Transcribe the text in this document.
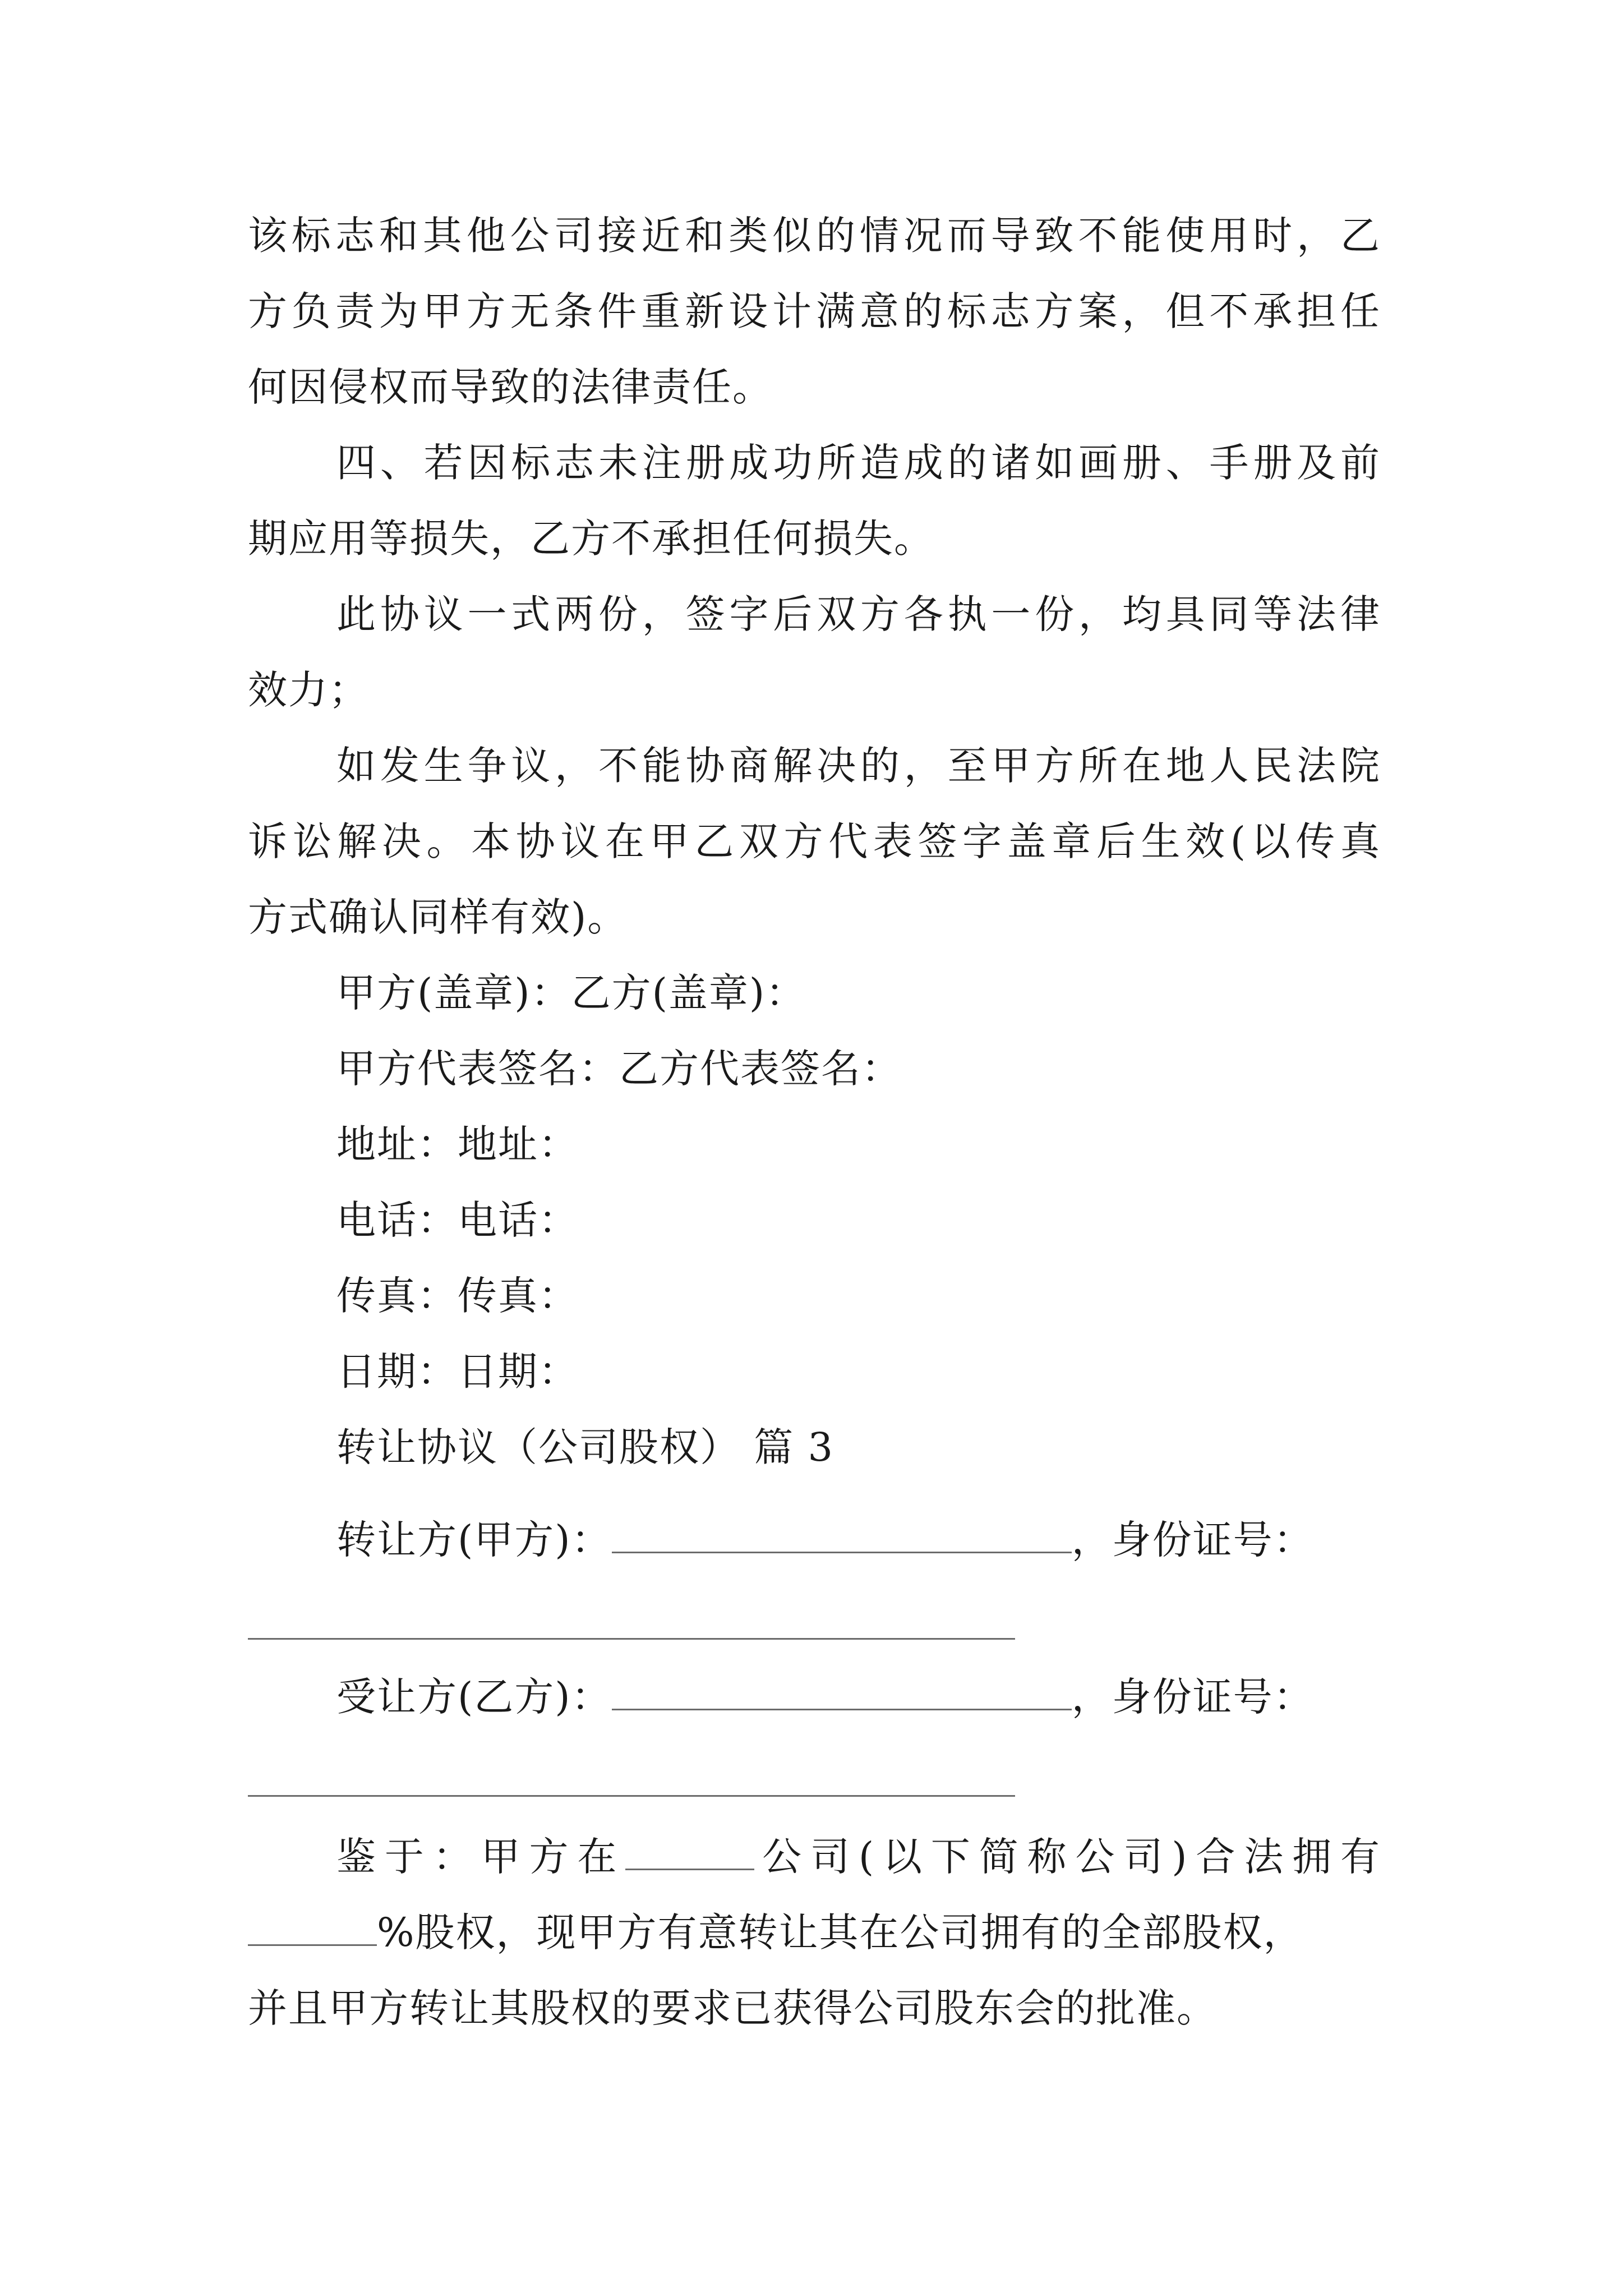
该标志和其他公司接近和类似的情况而导致不能使用时，乙
方负责为甲方无条件重新设计满意的标志方案，但不承担任
何因侵权而导致的法律责任。
四、若因标志未注册成功所造成的诸如画册、手册及前
期应用等损失，乙方不承担任何损失。
此协议一式两份，签字后双方各执一份，均具同等法律
效力；
如发生争议，不能协商解决的，至甲方所在地人民法院
诉讼解决。本协议在甲乙双方代表签字盖章后生效(以传真
方式确认同样有效)。
甲方(盖章)：乙方(盖章)：
甲方代表签名：乙方代表签名：
地址：地址：
电话：电话：
传真：传真：
日期：日期：
转让协议（公司股权） 篇 3
转让方(甲方)：	，身份证号：
受让方(乙方)：	，身份证号：
鉴于：甲方在	公司(以下简称公司)合法拥有
%股权，现甲方有意转让其在公司拥有的全部股权，
并且甲方转让其股权的要求已获得公司股东会的批准。
